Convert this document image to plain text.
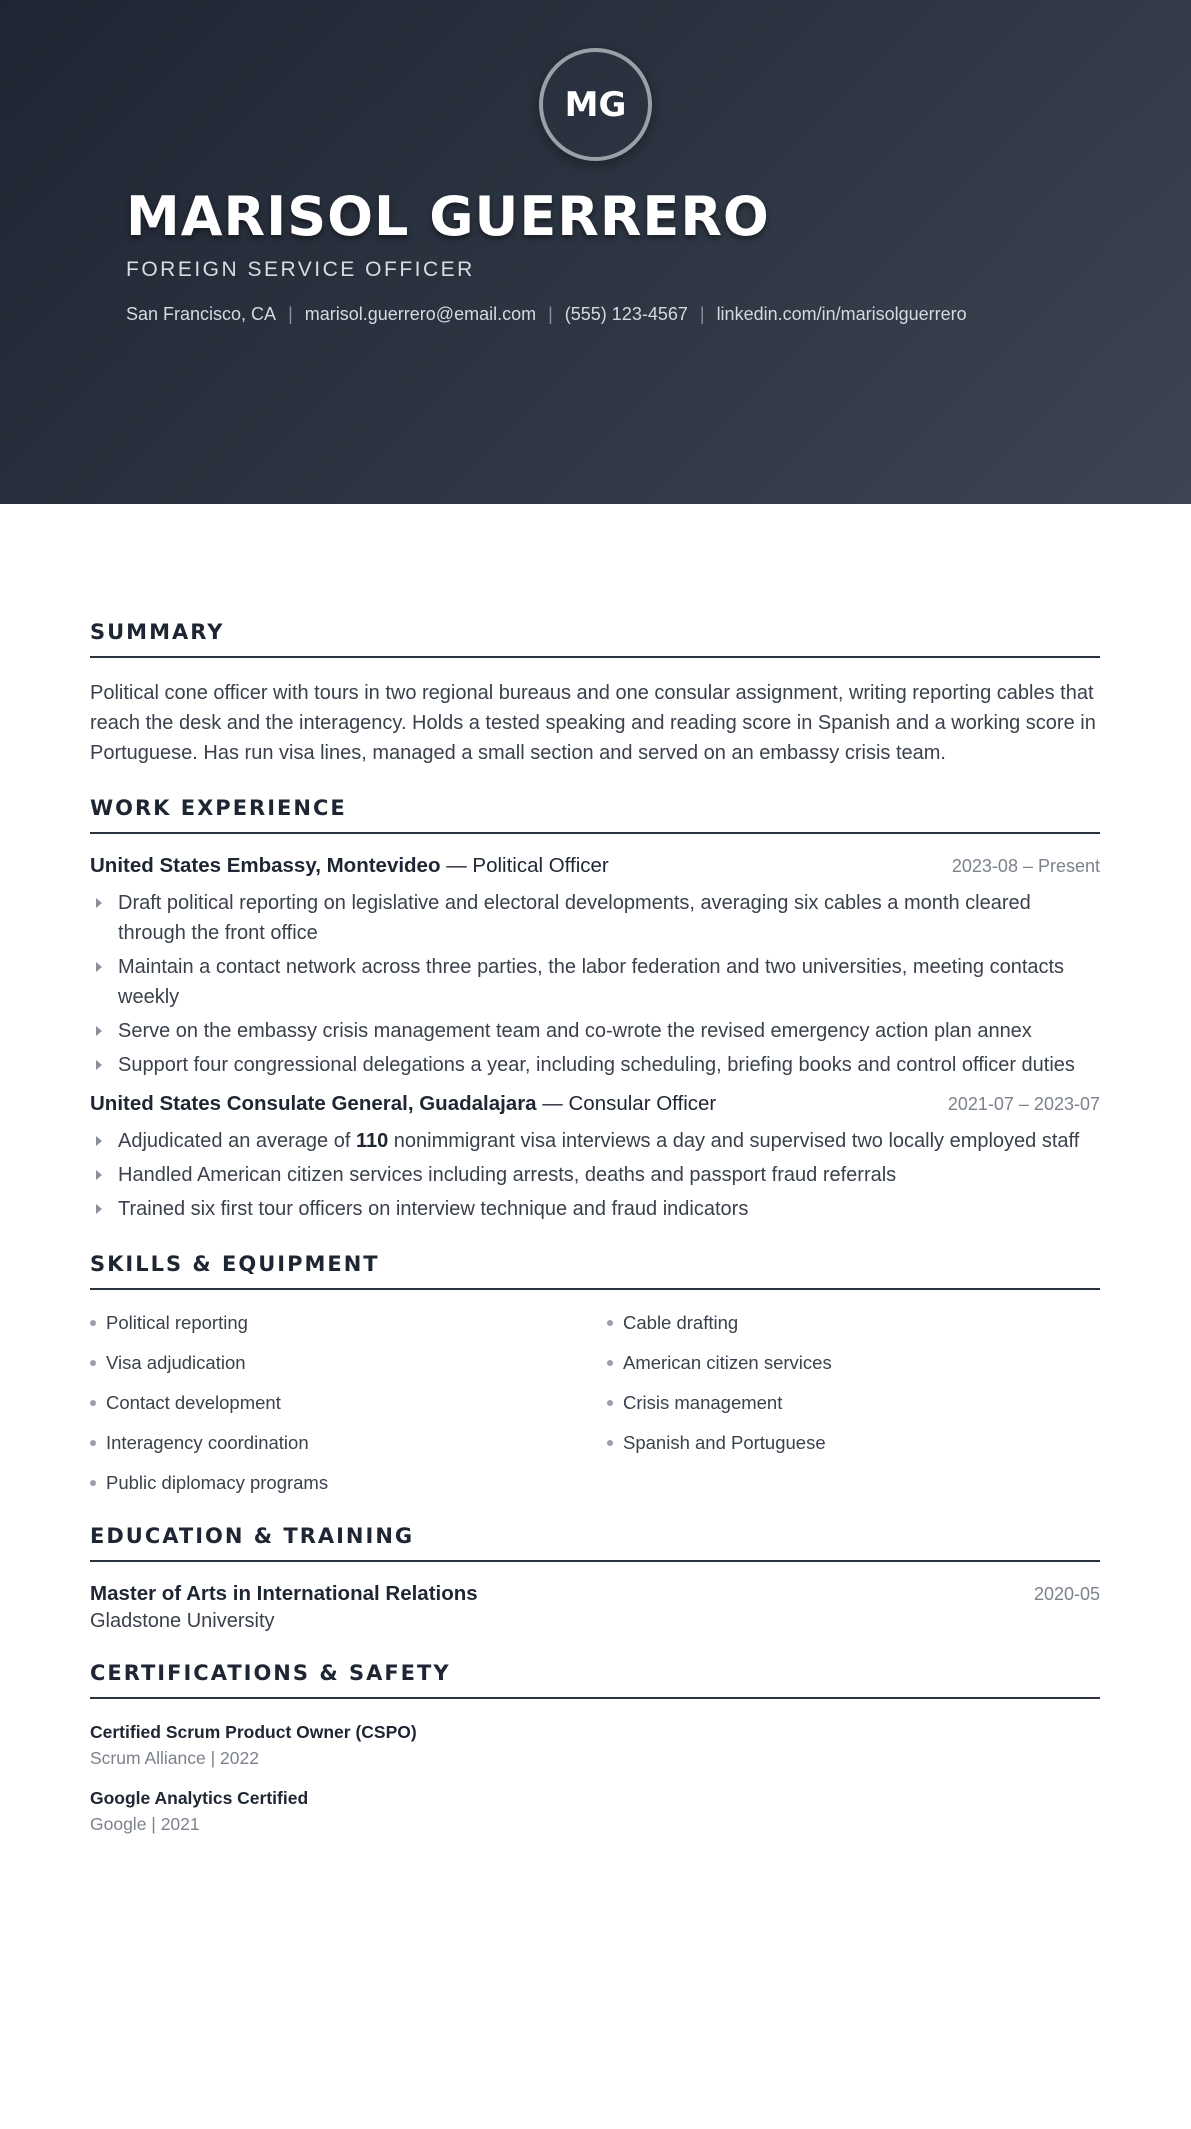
MG
MARISOL GUERRERO
FOREIGN SERVICE OFFICER
San Francisco, CA | marisol.guerrero@email.com | (555) 123-4567 | linkedin.com/in/marisolguerrero
SUMMARY

Political cone officer with tours in two regional bureaus and one consular assignment, writing reporting cables that reach the desk and the interagency. Holds a tested speaking and reading score in Spanish and a working score in Portuguese. Has run visa lines, managed a small section and served on an embassy crisis team.

WORK EXPERIENCE
United States Embassy, Montevideo — Political Officer	2023-08 – Present
Draft political reporting on legislative and electoral developments, averaging six cables a month cleared through the front office
Maintain a contact network across three parties, the labor federation and two universities, meeting contacts weekly
Serve on the embassy crisis management team and co-wrote the revised emergency action plan annex
Support four congressional delegations a year, including scheduling, briefing books and control officer duties
United States Consulate General, Guadalajara — Consular Officer	2021-07 – 2023-07
Adjudicated an average of 110 nonimmigrant visa interviews a day and supervised two locally employed staff
Handled American citizen services including arrests, deaths and passport fraud referrals
Trained six first tour officers on interview technique and fraud indicators
SKILLS & EQUIPMENT
Political reporting	Cable drafting
Visa adjudication	American citizen services
Contact development	Crisis management
Interagency coordination	Spanish and Portuguese
Public diplomacy programs
EDUCATION & TRAINING
Master of Arts in International Relations	2020-05
Gladstone University
CERTIFICATIONS & SAFETY
Certified Scrum Product Owner (CSPO)
Scrum Alliance | 2022
Google Analytics Certified
Google | 2021
